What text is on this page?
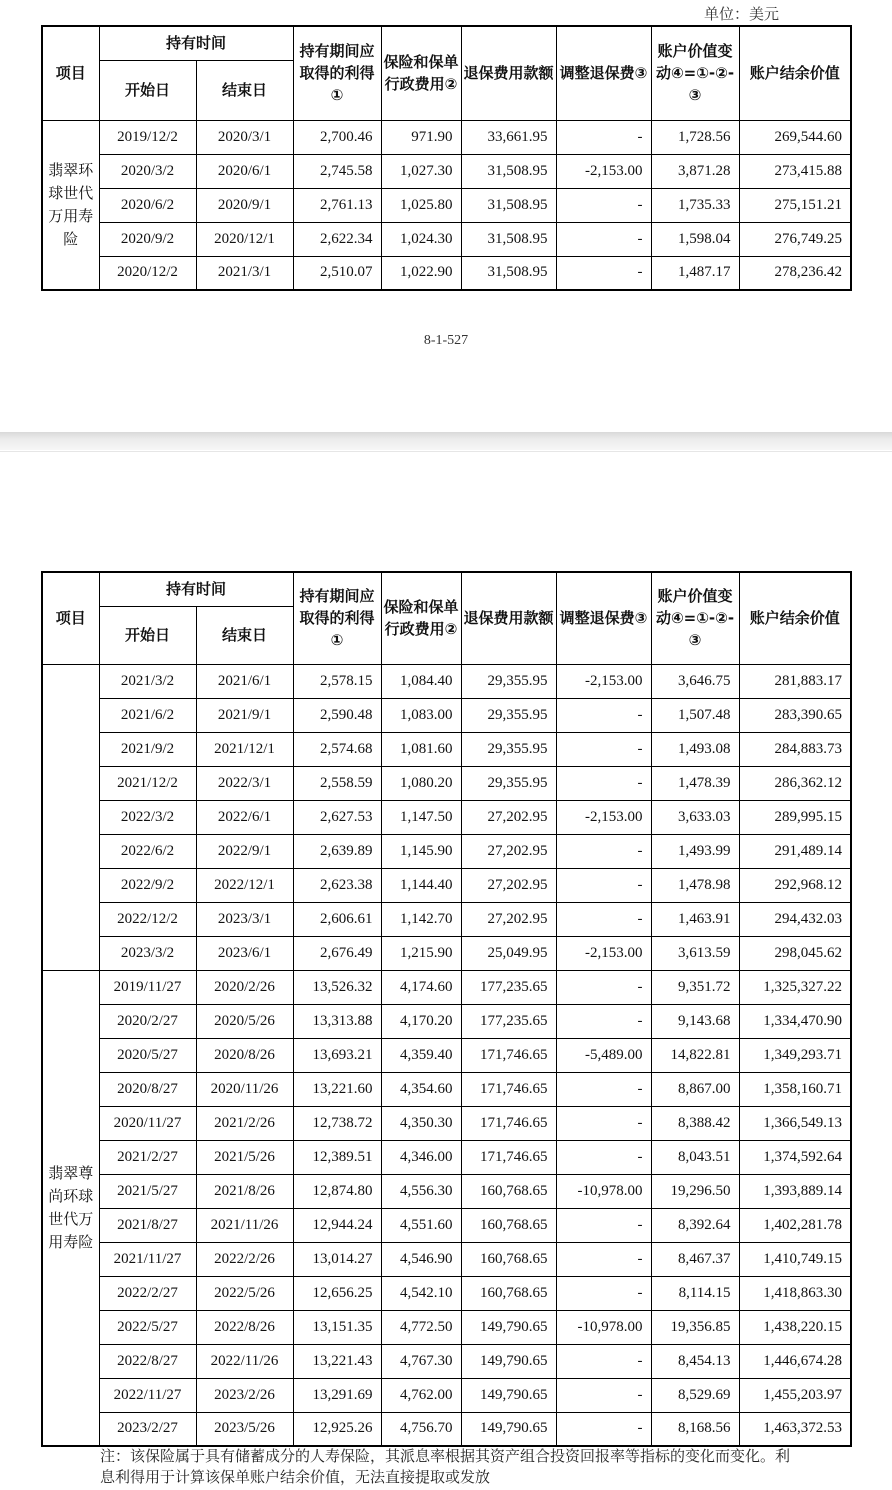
单位：美元
项目	持有时间		持有期间应取得的利得①	保险和保单行政费用②	退保费用款额	调整退保费③	账户价值变动④=①-②-③	账户结余价值
	开始日	结束日						
翡翠环球世代万用寿险	2019/12/2	2020/3/1	2,700.46	971.90	33,661.95	-	1,728.56	269,544.60
	2020/3/2	2020/6/1	2,745.58	1,027.30	31,508.95	-2,153.00	3,871.28	273,415.88
	2020/6/2	2020/9/1	2,761.13	1,025.80	31,508.95	-	1,735.33	275,151.21
	2020/9/2	2020/12/1	2,622.34	1,024.30	31,508.95	-	1,598.04	276,749.25
	2020/12/2	2021/3/1	2,510.07	1,022.90	31,508.95	-	1,487.17	278,236.42
8-1-527
项目	持有时间		持有期间应取得的利得①	保险和保单行政费用②	退保费用款额	调整退保费③	账户价值变动④=①-②-③	账户结余价值
	开始日	结束日						
	2021/3/2	2021/6/1	2,578.15	1,084.40	29,355.95	-2,153.00	3,646.75	281,883.17
	2021/6/2	2021/9/1	2,590.48	1,083.00	29,355.95	-	1,507.48	283,390.65
	2021/9/2	2021/12/1	2,574.68	1,081.60	29,355.95	-	1,493.08	284,883.73
	2021/12/2	2022/3/1	2,558.59	1,080.20	29,355.95	-	1,478.39	286,362.12
	2022/3/2	2022/6/1	2,627.53	1,147.50	27,202.95	-2,153.00	3,633.03	289,995.15
	2022/6/2	2022/9/1	2,639.89	1,145.90	27,202.95	-	1,493.99	291,489.14
	2022/9/2	2022/12/1	2,623.38	1,144.40	27,202.95	-	1,478.98	292,968.12
	2022/12/2	2023/3/1	2,606.61	1,142.70	27,202.95	-	1,463.91	294,432.03
	2023/3/2	2023/6/1	2,676.49	1,215.90	25,049.95	-2,153.00	3,613.59	298,045.62
翡翠尊尚环球世代万用寿险	2019/11/27	2020/2/26	13,526.32	4,174.60	177,235.65	-	9,351.72	1,325,327.22
	2020/2/27	2020/5/26	13,313.88	4,170.20	177,235.65	-	9,143.68	1,334,470.90
	2020/5/27	2020/8/26	13,693.21	4,359.40	171,746.65	-5,489.00	14,822.81	1,349,293.71
	2020/8/27	2020/11/26	13,221.60	4,354.60	171,746.65	-	8,867.00	1,358,160.71
	2020/11/27	2021/2/26	12,738.72	4,350.30	171,746.65	-	8,388.42	1,366,549.13
	2021/2/27	2021/5/26	12,389.51	4,346.00	171,746.65	-	8,043.51	1,374,592.64
	2021/5/27	2021/8/26	12,874.80	4,556.30	160,768.65	-10,978.00	19,296.50	1,393,889.14
	2021/8/27	2021/11/26	12,944.24	4,551.60	160,768.65	-	8,392.64	1,402,281.78
	2021/11/27	2022/2/26	13,014.27	4,546.90	160,768.65	-	8,467.37	1,410,749.15
	2022/2/27	2022/5/26	12,656.25	4,542.10	160,768.65	-	8,114.15	1,418,863.30
	2022/5/27	2022/8/26	13,151.35	4,772.50	149,790.65	-10,978.00	19,356.85	1,438,220.15
	2022/8/27	2022/11/26	13,221.43	4,767.30	149,790.65	-	8,454.13	1,446,674.28
	2022/11/27	2023/2/26	13,291.69	4,762.00	149,790.65	-	8,529.69	1,455,203.97
	2023/2/27	2023/5/26	12,925.26	4,756.70	149,790.65	-	8,168.56	1,463,372.53
注：该保险属于具有储蓄成分的人寿保险，其派息率根据其资产组合投资回报率等指标的变化而变化。利息利得用于计算该保单账户结余价值，无法直接提取或发放
